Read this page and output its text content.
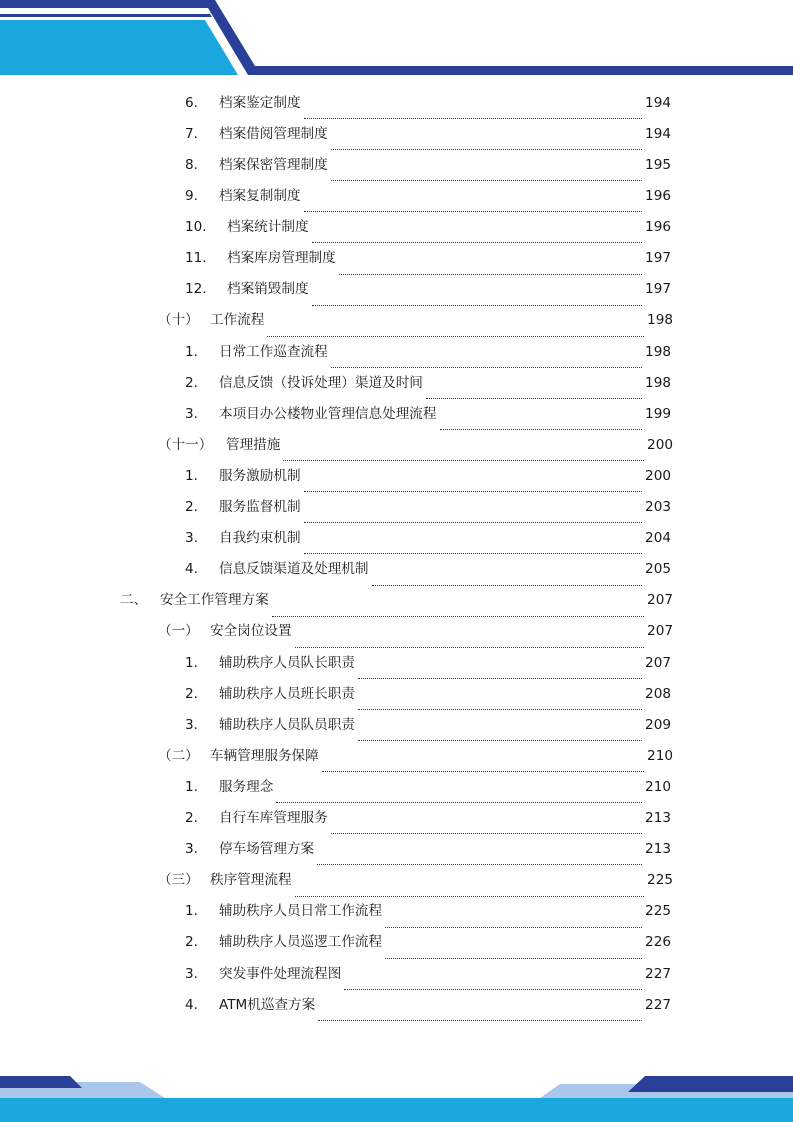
6.	档案鉴定制度	194
7.	档案借阅管理制度	194
8.	档案保密管理制度	195
9.	档案复制制度	196
10.	档案统计制度	196
11.	档案库房管理制度	197
12.	档案销毁制度	197
（十） 工作流程	198
1.	日常工作巡查流程	198
2.	信息反馈（投诉处理）渠道及时间	198
3.	本项目办公楼物业管理信息处理流程	199
（十一）	管理措施	200
1.	服务激励机制	200
2.	服务监督机制	203
3.	自我约束机制	204
4.	信息反馈渠道及处理机制	205
二、 安全工作管理方案	207
（一） 安全岗位设置	207
1.	辅助秩序人员队长职责	207
2.	辅助秩序人员班长职责	208
3.	辅助秩序人员队员职责	209
（二） 车辆管理服务保障	210
1.	服务理念	210
2.	自行车库管理服务	213
3.	停车场管理方案	213
（三） 秩序管理流程	225
1.	辅助秩序人员日常工作流程	225
2.	辅助秩序人员巡逻工作流程	226
3.	突发事件处理流程图	227
4.	ATM机巡查方案	227
